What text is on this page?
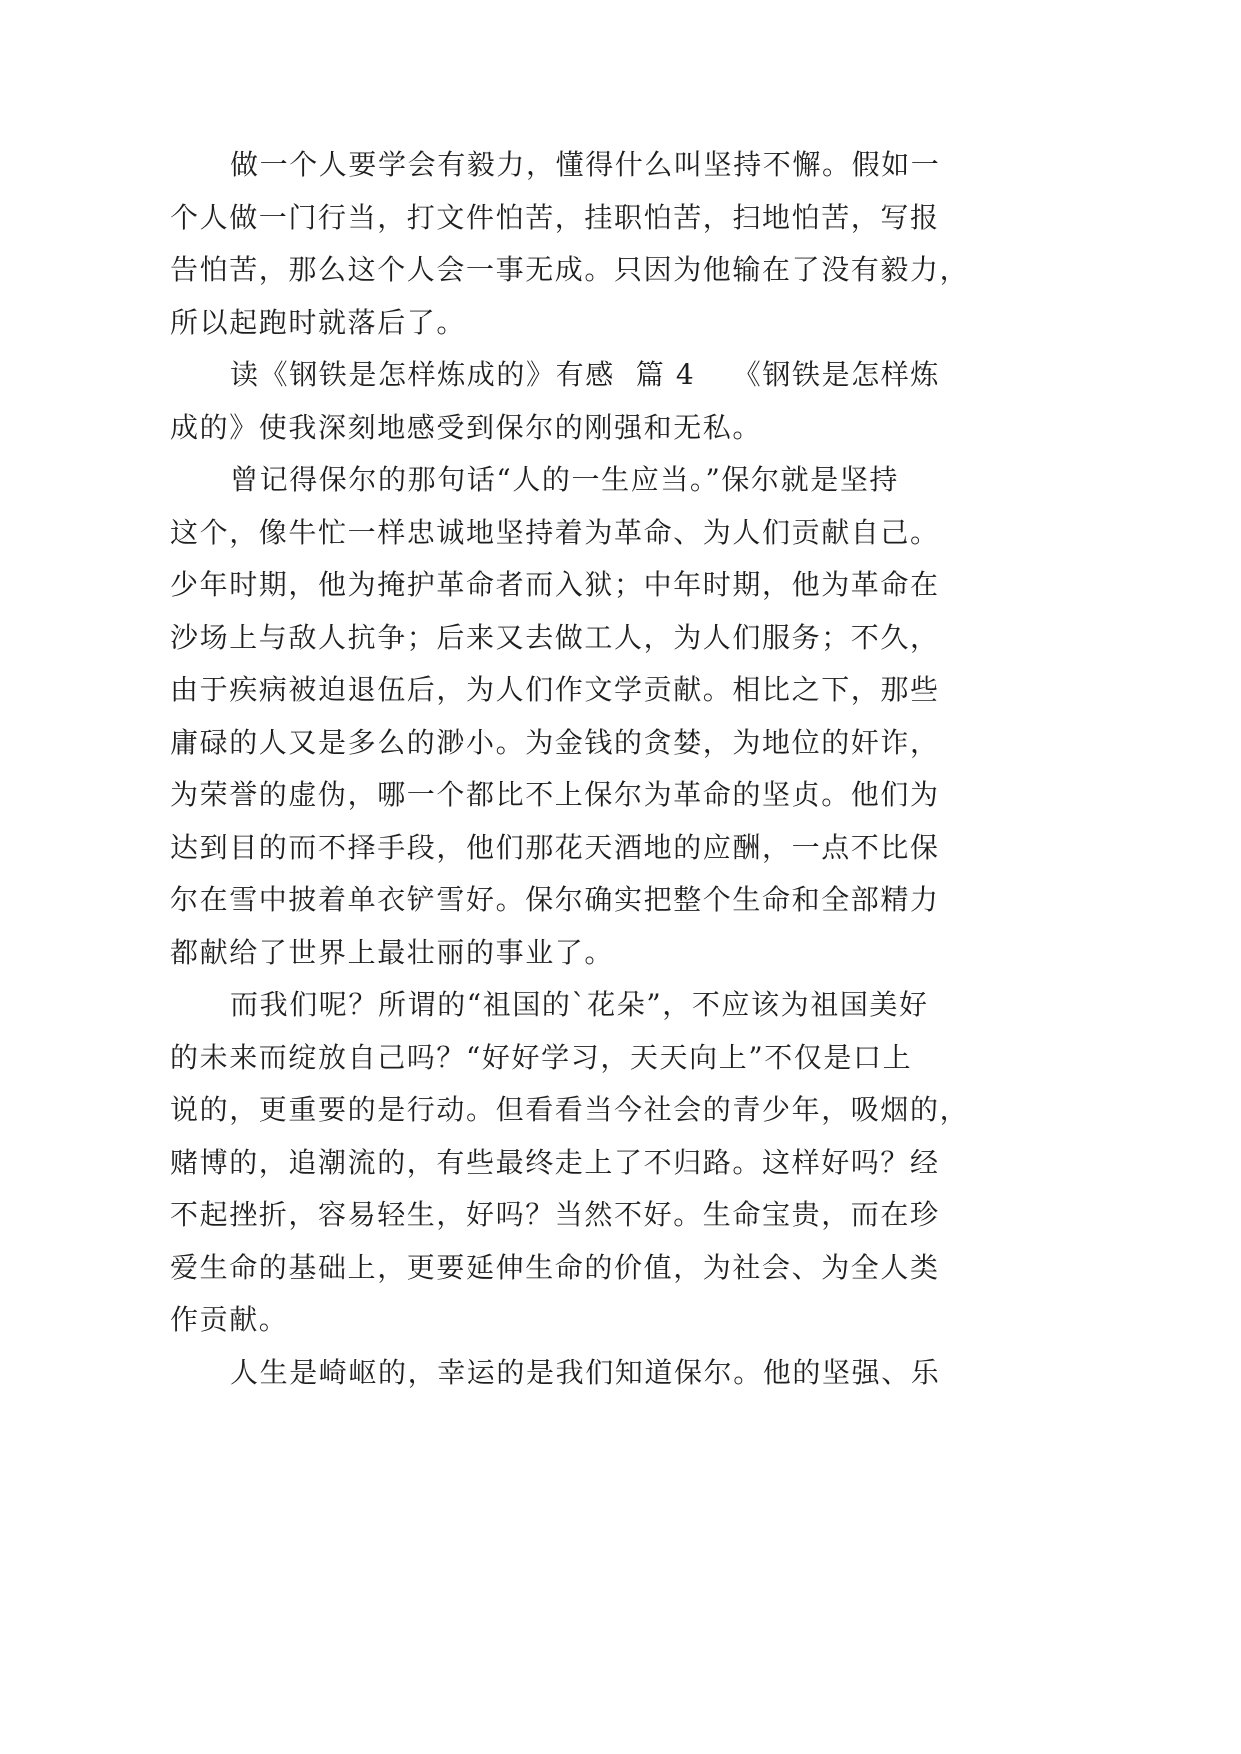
做一个人要学会有毅力，懂得什么叫坚持不懈。假如一
个人做一门行当，打文件怕苦，挂职怕苦，扫地怕苦，写报
告怕苦，那么这个人会一事无成。只因为他输在了没有毅力，
所以起跑时就落后了。
读《钢铁是怎样炼成的》有感  篇 4 《钢铁是怎样炼
成的》使我深刻地感受到保尔的刚强和无私。
曾记得保尔的那句话“人的一生应当。”保尔就是坚持
这个，像牛忙一样忠诚地坚持着为革命、为人们贡献自己。
少年时期，他为掩护革命者而入狱；中年时期，他为革命在
沙场上与敌人抗争；后来又去做工人，为人们服务；不久，
由于疾病被迫退伍后，为人们作文学贡献。相比之下，那些
庸碌的人又是多么的渺小。为金钱的贪婪，为地位的奸诈，
为荣誉的虚伪，哪一个都比不上保尔为革命的坚贞。他们为
达到目的而不择手段，他们那花天酒地的应酬，一点不比保
尔在雪中披着单衣铲雪好。保尔确实把整个生命和全部精力
都献给了世界上最壮丽的事业了。
而我们呢？所谓的“祖国的`花朵”，不应该为祖国美好
的未来而绽放自己吗？“好好学习，天天向上”不仅是口上
说的，更重要的是行动。但看看当今社会的青少年，吸烟的，
赌博的，追潮流的，有些最终走上了不归路。这样好吗？经
不起挫折，容易轻生，好吗？当然不好。生命宝贵，而在珍
爱生命的基础上，更要延伸生命的价值，为社会、为全人类
作贡献。
人生是崎岖的，幸运的是我们知道保尔。他的坚强、乐
